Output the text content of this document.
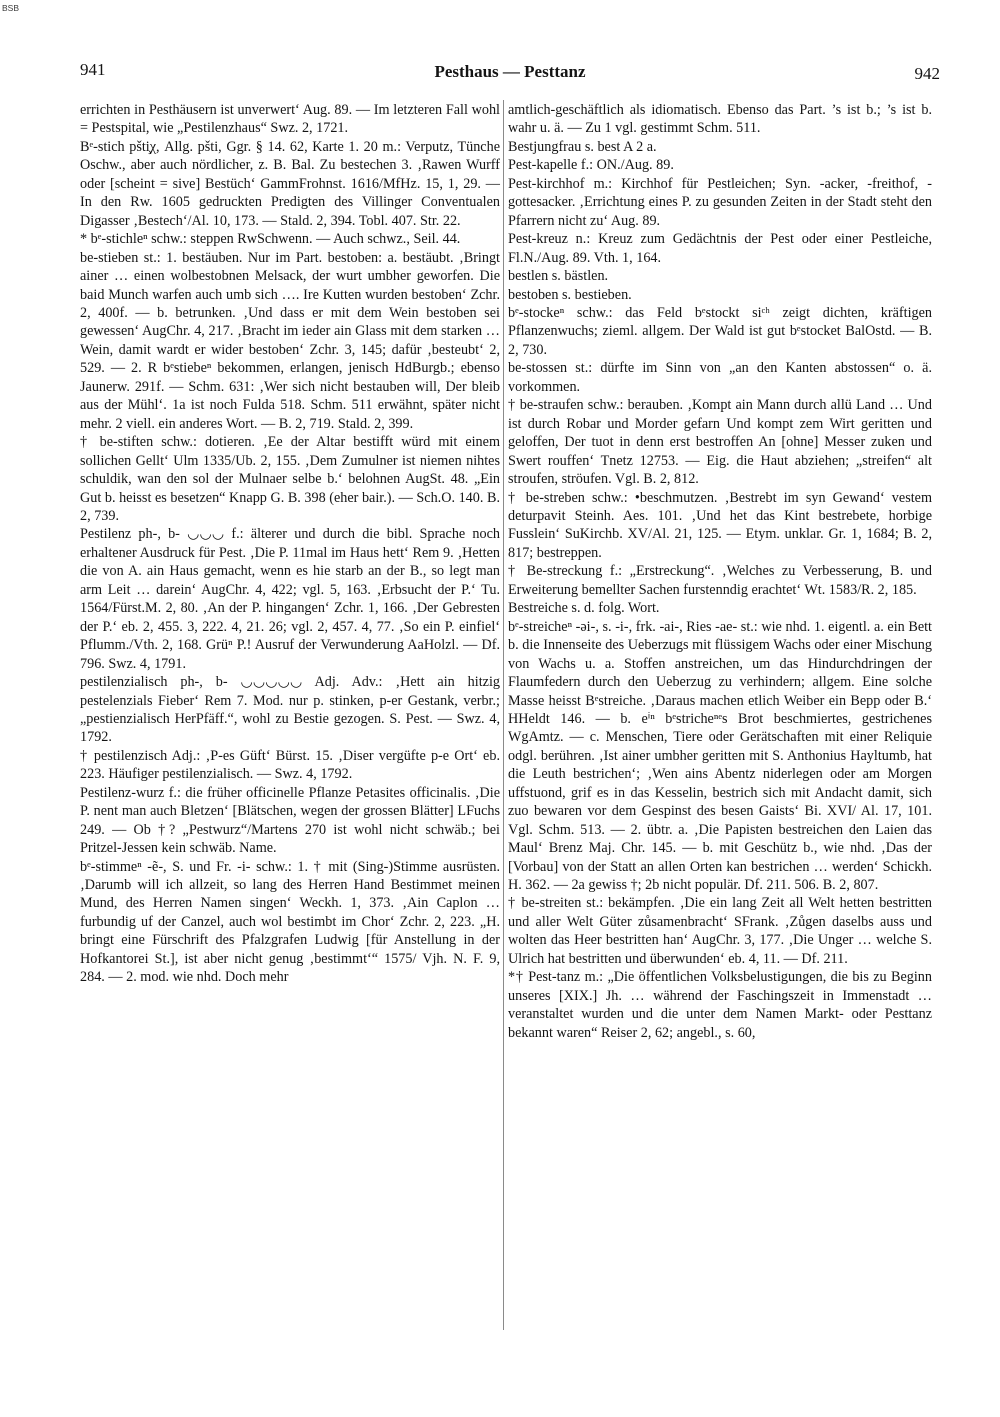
BSB
941	Pesthaus — Pesttanz	942

errichten in Pesthäusern ist unverwert‘ Aug. 89. — Im letzteren Fall wohl = Pestspital, wie „Pestilenzhaus“ Swz. 2, 1721.

Bᵉ-stich pšti̧χ, Allg. pšti, Ggr. § 14. 62, Karte 1. 20 m.: Verputz, Tünche Oschw., aber auch nördlicher, z. B. Bal. Zu bestechen 3. ‚Rawen Wurff oder [scheint = sive] Bestüch‘ GammFrohnst. 1616/MfHz. 15, 1, 29. — In den Rw. 1605 gedruckten Predigten des Villinger Conventualen Digasser ‚Bestech‘/Al. 10, 173. — Stald. 2, 394. Tobl. 407. Str. 22.

* bᵉ-stichleⁿ schw.: steppen RwSchwenn. — Auch schwz., Seil. 44.

be-stieben st.: 1. bestäuben. Nur im Part. bestoben: a. bestäubt. ‚Bringt ainer … einen wolbestobnen Melsack, der wurt umbher geworfen. Die baid Munch warfen auch umb sich …. Ire Kutten wurden bestoben‘ Zchr. 2, 400f. — b. betrunken. ‚Und dass er mit dem Wein bestoben sei gewessen‘ AugChr. 4, 217. ‚Bracht im ieder ain Glass mit dem starken … Wein, damit wardt er wider bestoben‘ Zchr. 3, 145; dafür ‚besteubt‘ 2, 529. — 2. R bᵉstiebeⁿ bekommen, erlangen, jenisch HdBurgb.; ebenso Jaunerw. 291f. — Schm. 631: ‚Wer sich nicht bestauben will, Der bleib aus der Mühl‘. 1a ist noch Fulda 518. Schm. 511 erwähnt, später nicht mehr. 2 viell. ein anderes Wort. — B. 2, 719. Stald. 2, 399.

† be-stiften schw.: dotieren. ‚Ee der Altar bestifft würd mit einem sollichen Gellt‘ Ulm 1335/Ub. 2, 155. ‚Dem Zumulner ist niemen nihtes schuldik, wan den sol der Mulnaer selbe b.‘ belohnen AugSt. 48. „Ein Gut b. heisst es besetzen“ Knapp G. B. 398 (eher bair.). — Sch.O. 140. B. 2, 739.

Pestilenz ph-, b- ◡◡◡ f.: älterer und durch die bibl. Sprache noch erhaltener Ausdruck für Pest. ‚Die P. 11mal im Haus hett‘ Rem 9. ‚Hetten die von A. ain Haus gemacht, wenn es hie starb an der B., so legt man arm Leit … darein‘ AugChr. 4, 422; vgl. 5, 163. ‚Erbsucht der P.‘ Tu. 1564/Fürst.M. 2, 80. ‚An der P. hingangen‘ Zchr. 1, 166. ‚Der Gebresten der P.‘ eb. 2, 455. 3, 222. 4, 21. 26; vgl. 2, 457. 4, 77. ‚So ein P. einfiel‘ Pflumm./Vth. 2, 168. Grüⁿ P.! Ausruf der Verwunderung AaHolzl. — Df. 796. Swz. 4, 1791.

pestilenzialisch ph-, b- ◡◡◡◡◡ Adj. Adv.: ‚Hett ain hitzig pestelenzials Fieber‘ Rem 7. Mod. nur p. stinken, p-er Gestank, verbr.; „pestienzialisch HerPfäff.“, wohl zu Bestie gezogen. S. Pest. — Swz. 4, 1792.

† pestilenzisch Adj.: ‚P-es Güft‘ Bürst. 15. ‚Diser vergüfte p-e Ort‘ eb. 223. Häufiger pestilenzialisch. — Swz. 4, 1792.

Pestilenz-wurz f.: die früher officinelle Pflanze Petasites officinalis. ‚Die P. nent man auch Bletzen‘ [Blätschen, wegen der grossen Blätter] LFuchs 249. — Ob †? „Pestwurz“/Martens 270 ist wohl nicht schwäb.; bei Pritzel-Jessen kein schwäb. Name.

bᵉ-stimmeⁿ -ẽ-, S. und Fr. -i- schw.: 1. † mit (Sing-)Stimme ausrüsten. ‚Darumb will ich allzeit, so lang des Herren Hand Bestimmet meinen Mund, des Herren Namen singen‘ Weckh. 1, 373. ‚Ain Caplon … furbundig uf der Canzel, auch wol bestimbt im Chor‘ Zchr. 2, 223. „H. bringt eine Fürschrift des Pfalzgrafen Ludwig [für Anstellung in der Hofkantorei St.], ist aber nicht genug ‚bestimmt‘“ 1575/ Vjh. N. F. 9, 284. — 2. mod. wie nhd. Doch mehr

amtlich-geschäftlich als idiomatisch. Ebenso das Part. ’s ist b.; ’s ist b. wahr u. ä. — Zu 1 vgl. gestimmt Schm. 511.

Bestjungfrau s. best A 2 a.

Pest-kapelle f.: ON./Aug. 89.

Pest-kirchhof m.: Kirchhof für Pestleichen; Syn. -acker, -freithof, -gottesacker. ‚Errichtung eines P. zu gesunden Zeiten in der Stadt steht den Pfarrern nicht zu‘ Aug. 89.

Pest-kreuz n.: Kreuz zum Gedächtnis der Pest oder einer Pestleiche, Fl.N./Aug. 89. Vth. 1, 164.

bestlen s. bästlen.

bestoben s. bestieben.

bᵉ-stockeⁿ schw.: das Feld bᵉstockt siᶜʰ zeigt dichten, kräftigen Pflanzenwuchs; zieml. allgem. Der Wald ist gut bᵉstocket BalOstd. — B. 2, 730.

be-stossen st.: dürfte im Sinn von „an den Kanten abstossen“ o. ä. vorkommen.

† be-straufen schw.: berauben. ‚Kompt ain Mann durch allü Land … Und ist durch Robar und Morder gefarn Und kompt zem Wirt geritten und geloffen, Der tuot in denn erst bestroffen An [ohne] Messer zuken und Swert rouffen‘ Tnetz 12753. — Eig. die Haut abziehen; „streifen“ alt stroufen, ströufen. Vgl. B. 2, 812.

† be-streben schw.: •beschmutzen. ‚Bestrebt im syn Gewand‘ vestem deturpavit Steinh. Aes. 101. ‚Und het das Kint bestrebete, horbige Fusslein‘ SuKirchb. XV/Al. 21, 125. — Etym. unklar. Gr. 1, 1684; B. 2, 817; bestreppen.

† Be-streckung f.: „Erstreckung“. ‚Welches zu Verbesserung, B. und Erweiterung bemellter Sachen furstenndig erachtet‘ Wt. 1583/R. 2, 185.

Bestreiche s. d. folg. Wort.

bᵉ-streicheⁿ -əi-, s. -i-, frk. -ai-, Ries -ae- st.: wie nhd. 1. eigentl. a. ein Bett b. die Innenseite des Ueberzugs mit flüssigem Wachs oder einer Mischung von Wachs u. a. Stoffen anstreichen, um das Hindurchdringen der Flaumfedern durch den Ueberzug zu verhindern; allgem. Eine solche Masse heisst Bᵉstreiche. ‚Daraus machen etlich Weiber ein Bepp oder B.‘ HHeldt 146. — b. eⁱⁿ bᵉstricheⁿᵉs Brot beschmiertes, gestrichenes WgAmtz. — c. Menschen, Tiere oder Gerätschaften mit einer Reliquie odgl. berühren. ‚Ist ainer umbher geritten mit S. Anthonius Hayltumb, hat die Leuth bestrichen‘; ‚Wen ains Abentz niderlegen oder am Morgen uffstuond, grif es in das Kesselin, bestrich sich mit Andacht damit, sich zuo bewaren vor dem Gespinst des besen Gaists‘ Bi. XVI/ Al. 17, 101. Vgl. Schm. 513. — 2. übtr. a. ‚Die Papisten bestreichen den Laien das Maul‘ Brenz Maj. Chr. 145. — b. mit Geschütz b., wie nhd. ‚Das der [Vorbau] von der Statt an allen Orten kan bestrichen … werden‘ Schickh. H. 362. — 2a gewiss †; 2b nicht populär. Df. 211. 506. B. 2, 807.

† be-streiten st.: bekämpfen. ‚Die ein lang Zeit all Welt hetten bestritten und aller Welt Güter zůsamenbracht‘ SFrank. ‚Zůgen daselbs auss und wolten das Heer bestritten han‘ AugChr. 3, 177. ‚Die Unger … welche S. Ulrich hat bestritten und überwunden‘ eb. 4, 11. — Df. 211.

*† Pest-tanz m.: „Die öffentlichen Volksbelustigungen, die bis zu Beginn unseres [XIX.] Jh. … während der Faschingszeit in Immenstadt … veranstaltet wurden und die unter dem Namen Markt- oder Pesttanz bekannt waren“ Reiser 2, 62; angebl., s. 60,
